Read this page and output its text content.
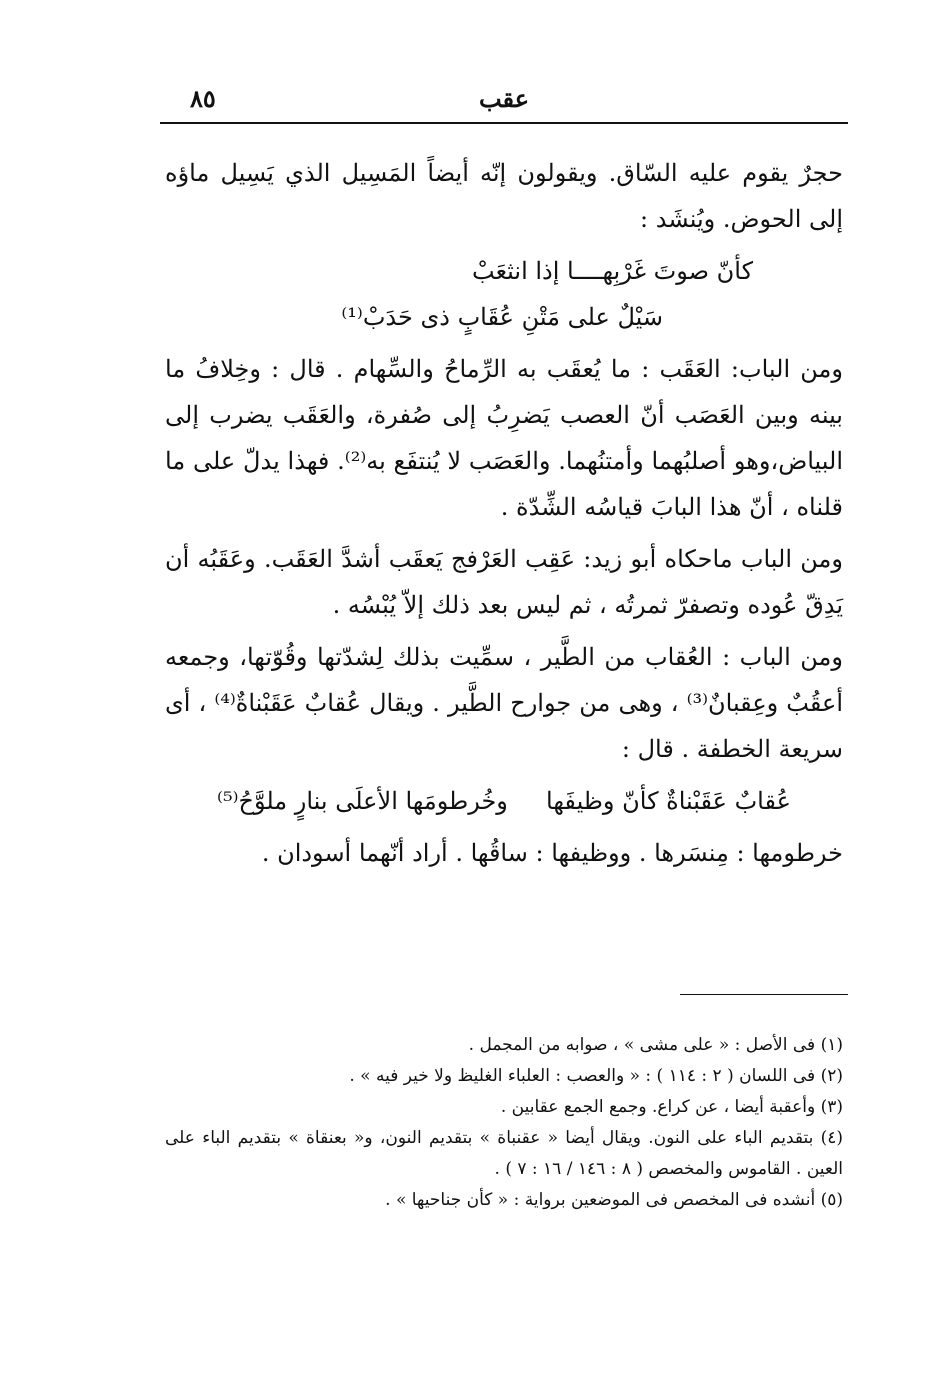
عقب
٨٥

حجرٌ يقوم عليه السّاق. ويقولون إنّه أيضاً المَسِيل الذي يَسِيل ماؤه إلى الحوض. ويُنشَد :

كأنّ صوتَ غَرْبِهــــا إذا انثعَبْ
سَيْلٌ على مَتْنِ عُقَابٍ ذى حَدَبْ⁽¹⁾

ومن الباب: العَقَب : ما يُعقَب به الرِّماحُ والسِّهام . قال : وخِلافُ ما بينه وبين العَصَب أنّ العصب يَضرِبُ إلى صُفرة، والعَقَب يضرب إلى البياض،وهو أصلبُهما وأمتنُهما. والعَصَب لا يُنتفَع به⁽²⁾. فهذا يدلّ على ما قلناه ، أنّ هذا البابَ قياسُه الشِّدّة .

ومن الباب ماحكاه أبو زيد: عَقِب العَرْفج يَعقَب أشدَّ العَقَب. وعَقَبُه أن يَدِقّ عُوده وتصفرّ ثمرتُه ، ثم ليس بعد ذلك إلاّ يُبْسُه .

ومن الباب : العُقاب من الطَّير ، سمِّيت بذلك لِشدّتها وقُوّتها، وجمعه أعقُبٌ وعِقبانٌ⁽³⁾ ، وهى من جوارح الطَّير . ويقال عُقابٌ عَقَبْناةٌ⁽⁴⁾ ، أى سريعة الخطفة . قال :

عُقابٌ عَقَبْناةٌ كأنّ وظيفَها     وخُرطومَها الأعلَى بنارٍ ملوَّحُ⁽⁵⁾

خرطومها : مِنسَرها . ووظيفها : ساقُها . أراد أنّهما أسودان .

(١) فى الأصل : « على مشى » ، صوابه من المجمل .
(٢) فى اللسان ( ٢ : ١١٤ ) : « والعصب : العلباء الغليظ ولا خير فيه » .
(٣) وأعقبة أيضا ، عن كراع. وجمع الجمع عقابين .
(٤) بتقديم الباء على النون. ويقال أيضا « عقنباة » بتقديم النون، و« بعنقاة » بتقديم الباء على العين . القاموس والمخصص ( ٨ : ١٤٦ / ١٦ : ٧ ) .
(٥) أنشده فى المخصص فى الموضعين برواية : « كأن جناحيها » .
